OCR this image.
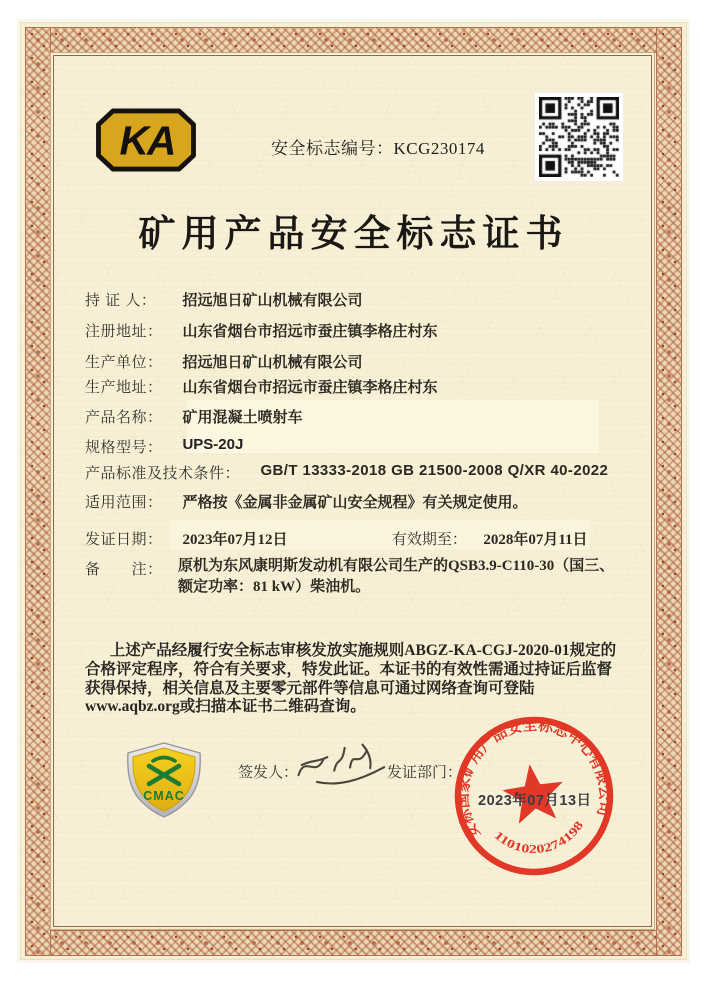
KA	安全标志编号：KCG230174
矿用产品安全标志证书
持 证 人： 招远旭日矿山机械有限公司
注册地址： 山东省烟台市招远市蚕庄镇李格庄村东
生产单位： 招远旭日矿山机械有限公司
生产地址： 山东省烟台市招远市蚕庄镇李格庄村东
产品名称： 矿用混凝土喷射车
规格型号： UPS-20J
产品标准及技术条件： GB/T 13333-2018 GB 21500-2008 Q/XR 40-2022
适用范围： 严格按《金属非金属矿山安全规程》有关规定使用。
发证日期： 2023年07月12日	有效期至： 2028年07月11日
备　　注：	原机为东风康明斯发动机有限公司生产的QSB3.9-C110-30（国三、额定功率：81 kW）柴油机。

上述产品经履行安全标志审核发放实施规则ABGZ-KA-CGJ-2020-01规定的合格评定程序，符合有关要求，特发此证。本证书的有效性需通过持证后监督获得保持，相关信息及主要零元部件等信息可通过网络查询可登陆www.aqbz.org或扫描本证书二维码查询。

CMAC
签发人：	发证部门：
安标国家矿用产品安全标志中心有限公司
1101020274198
2023年07月13日
